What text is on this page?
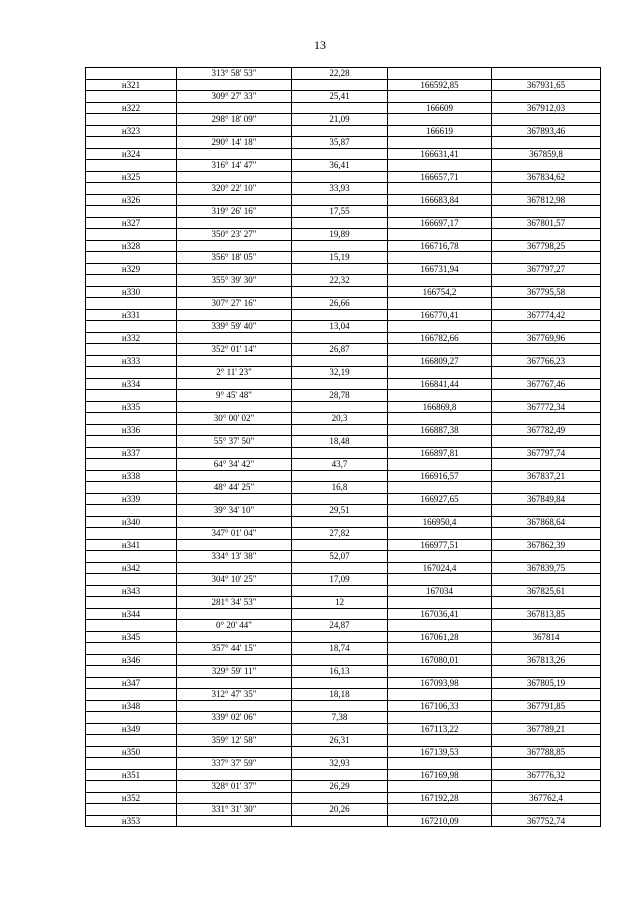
13
	313° 58' 53"	22,28		
н321			166592,85	367931,65
	309° 27' 33"	25,41		
н322			166609	367912,03
	298° 18' 09"	21,09		
н323			166619	367893,46
	290° 14' 18"	35,87		
н324			166631,41	367859,8
	316° 14' 47"	36,41		
н325			166657,71	367834,62
	320° 22' 10"	33,93		
н326			166683,84	367812,98
	319° 26' 16"	17,55		
н327			166697,17	367801,57
	350° 23' 27"	19,89		
н328			166716,78	367798,25
	356° 18' 05"	15,19		
н329			166731,94	367797,27
	355° 39' 30"	22,32		
н330			166754,2	367795,58
	307° 27' 16"	26,66		
н331			166770,41	367774,42
	339° 59' 40"	13,04		
н332			166782,66	367769,96
	352° 01' 14"	26,87		
н333			166809,27	367766,23
	2° 11' 23"	32,19		
н334			166841,44	367767,46
	9° 45' 48"	28,78		
н335			166869,8	367772,34
	30° 00' 02"	20,3		
н336			166887,38	367782,49
	55° 37' 50"	18,48		
н337			166897,81	367797,74
	64° 34' 42"	43,7		
н338			166916,57	367837,21
	48° 44' 25"	16,8		
н339			166927,65	367849,84
	39° 34' 10"	29,51		
н340			166950,4	367868,64
	347° 01' 04"	27,82		
н341			166977,51	367862,39
	334° 13' 38"	52,07		
н342			167024,4	367839,75
	304° 10' 25"	17,09		
н343			167034	367825,61
	281° 34' 53"	12		
н344			167036,41	367813,85
	0° 20' 44"	24,87		
н345			167061,28	367814
	357° 44' 15"	18,74		
н346			167080,01	367813,26
	329° 59' 11"	16,13		
н347			167093,98	367805,19
	312° 47' 35"	18,18		
н348			167106,33	367791,85
	339° 02' 06"	7,38		
н349			167113,22	367789,21
	359° 12' 58"	26,31		
н350			167139,53	367788,85
	337° 37' 59"	32,93		
н351			167169,98	367776,32
	328° 01' 37"	26,29		
н352			167192,28	367762,4
	331° 31' 30"	20,26		
н353			167210,09	367752,74
